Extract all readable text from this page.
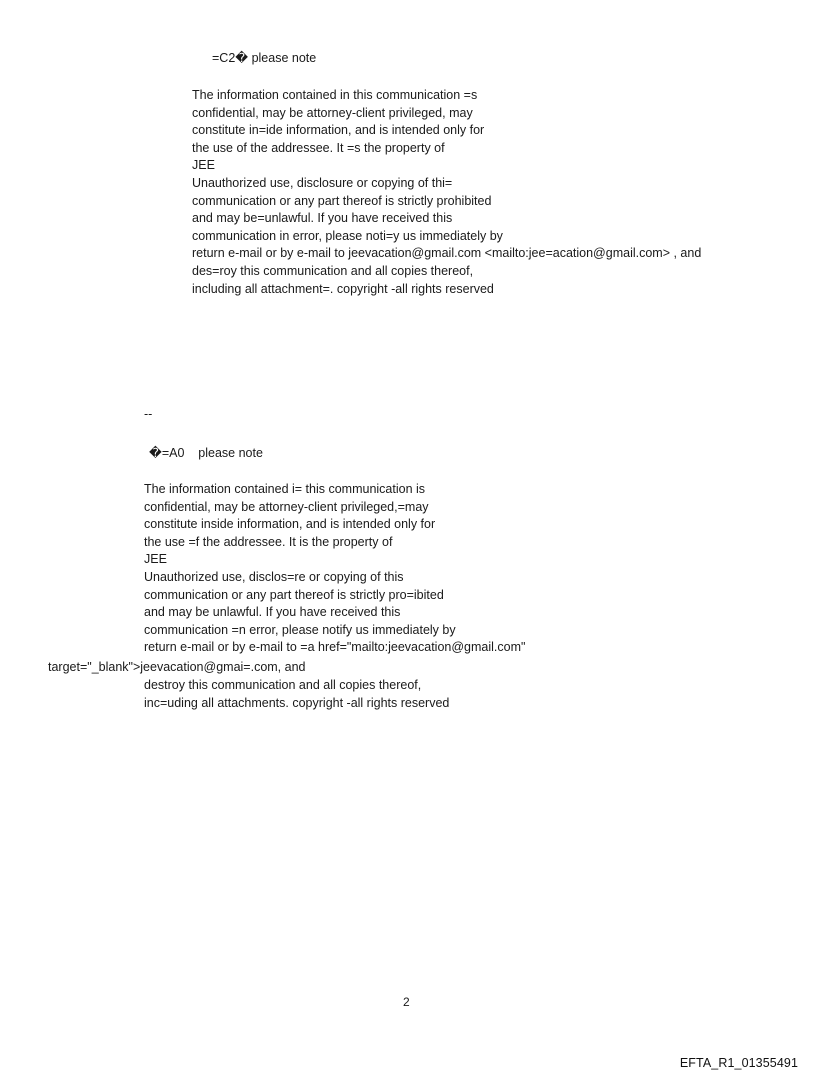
=C2� please note
The information contained in this communication =s
confidential, may be attorney-client privileged, may
constitute in=ide information, and is intended only for
the use of the addressee. It =s the property of
JEE
Unauthorized use, disclosure or copying of thi=
communication or any part thereof is strictly prohibited
and may be=unlawful. If you have received this
communication in error, please noti=y us immediately by
return e-mail or by e-mail to jeevacation@gmail.com <mailto:jee=acation@gmail.com> , and
des=roy this communication and all copies thereof,
including all attachment=. copyright -all rights reserved
--
�=A0    please note
The information contained i= this communication is
confidential, may be attorney-client privileged,=may
constitute inside information, and is intended only for
the use =f the addressee. It is the property of
JEE
Unauthorized use, disclos=re or copying of this
communication or any part thereof is strictly pro=ibited
and may be unlawful. If you have received this
communication =n error, please notify us immediately by
return e-mail or by e-mail to =a href="mailto:jeevacation@gmail.com"
target="_blank">jeevacation@gmai=.com, and
destroy this communication and all copies thereof,
inc=uding all attachments. copyright -all rights reserved
2
EFTA_R1_01355491
